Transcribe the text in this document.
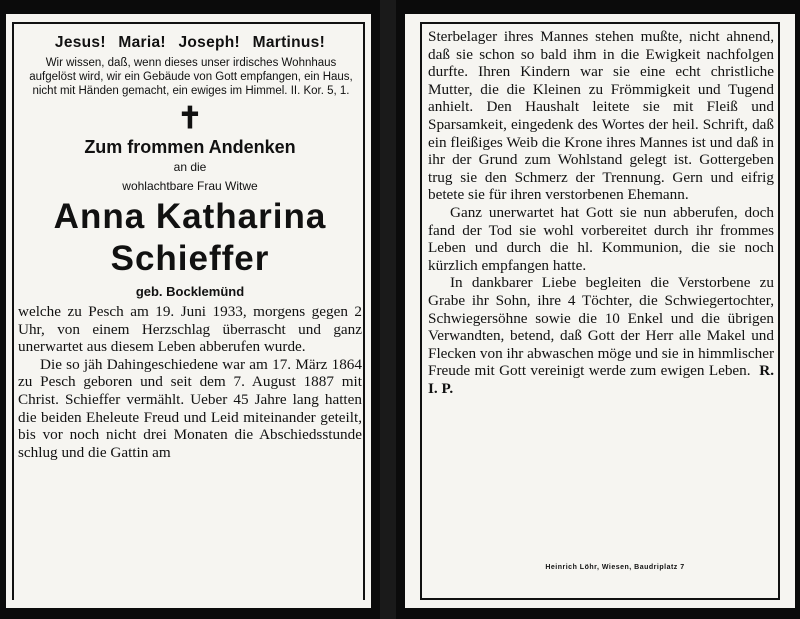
Jesus! Maria! Joseph! Martinus!
Wir wissen, daß, wenn dieses unser irdisches Wohnhaus aufgelöst wird, wir ein Gebäude von Gott empfangen, ein Haus, nicht mit Händen gemacht, ein ewiges im Himmel. II. Kor. 5, 1.
✝
Zum frommen Andenken
an die
wohlachtbare Frau Witwe
Anna Katharina
Schieffer
geb. Bocklemünd

welche zu Pesch am 19. Juni 1933, morgens gegen 2 Uhr, von einem Herzschlag überrascht und ganz unerwartet aus diesem Leben abberufen wurde.

Die so jäh Dahingeschiedene war am 17. März 1864 zu Pesch geboren und seit dem 7. August 1887 mit Christ. Schieffer vermählt. Ueber 45 Jahre lang hatten die beiden Eheleute Freud und Leid miteinander geteilt, bis vor noch nicht drei Monaten die Abschiedsstunde schlug und die Gattin am

Sterbelager ihres Mannes stehen mußte, nicht ahnend, daß sie schon so bald ihm in die Ewigkeit nachfolgen durfte. Ihren Kindern war sie eine echt christliche Mutter, die die Kleinen zu Frömmigkeit und Tugend anhielt. Den Haushalt leitete sie mit Fleiß und Sparsamkeit, eingedenk des Wortes der heil. Schrift, daß ein fleißiges Weib die Krone ihres Mannes ist und daß in ihr der Grund zum Wohlstand gelegt ist. Gottergeben trug sie den Schmerz der Trennung. Gern und eifrig betete sie für ihren verstorbenen Ehemann.

Ganz unerwartet hat Gott sie nun abberufen, doch fand der Tod sie wohl vorbereitet durch ihr frommes Leben und durch die hl. Kommunion, die sie noch kürzlich empfangen hatte.

In dankbarer Liebe begleiten die Verstorbene zu Grabe ihr Sohn, ihre 4 Töchter, die Schwiegertochter, Schwiegersöhne sowie die 10 Enkel und die übrigen Verwandten, betend, daß Gott der Herr alle Makel und Flecken von ihr abwaschen möge und sie in himmlischer Freude mit Gott vereinigt werde zum ewigen Leben. R. I. P.

Heinrich Löhr, Wiesen, Baudriplatz 7
